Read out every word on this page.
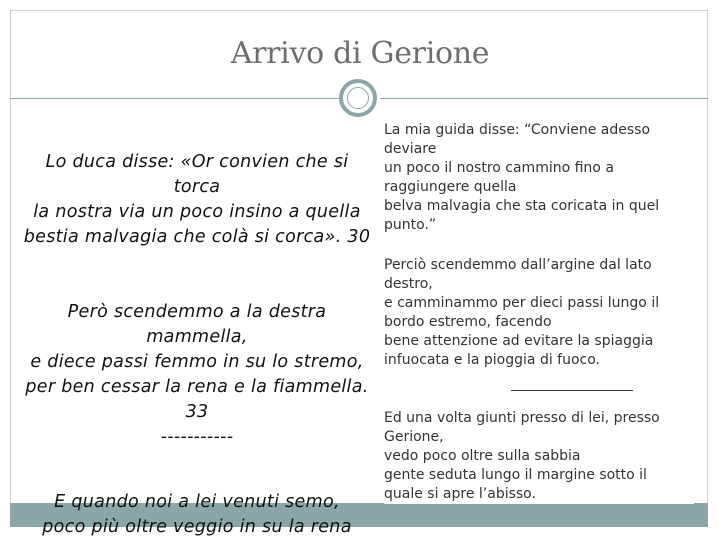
Arrivo di Gerione
Lo duca disse: «Or convien che si
torca
la nostra via un poco insino a quella
bestia malvagia che colà si corca». 30
Però scendemmo a la destra
mammella,
e diece passi femmo in su lo stremo,
per ben cessar la rena e la fiammella.
33
-----------
E quando noi a lei venuti semo,
poco più oltre veggio in su la rena
La mia guida disse: “Conviene adesso
deviare
un poco il nostro cammino fino a
raggiungere quella
belva malvagia che sta coricata in quel
punto.”
Perciò scendemmo dall’argine dal lato
destro,
e camminammo per dieci passi lungo il
bordo estremo, facendo
bene attenzione ad evitare la spiaggia
infuocata e la pioggia di fuoco.
Ed una volta giunti presso di lei, presso
Gerione,
vedo poco oltre sulla sabbia
gente seduta lungo il margine sotto il
quale si apre l’abisso.
